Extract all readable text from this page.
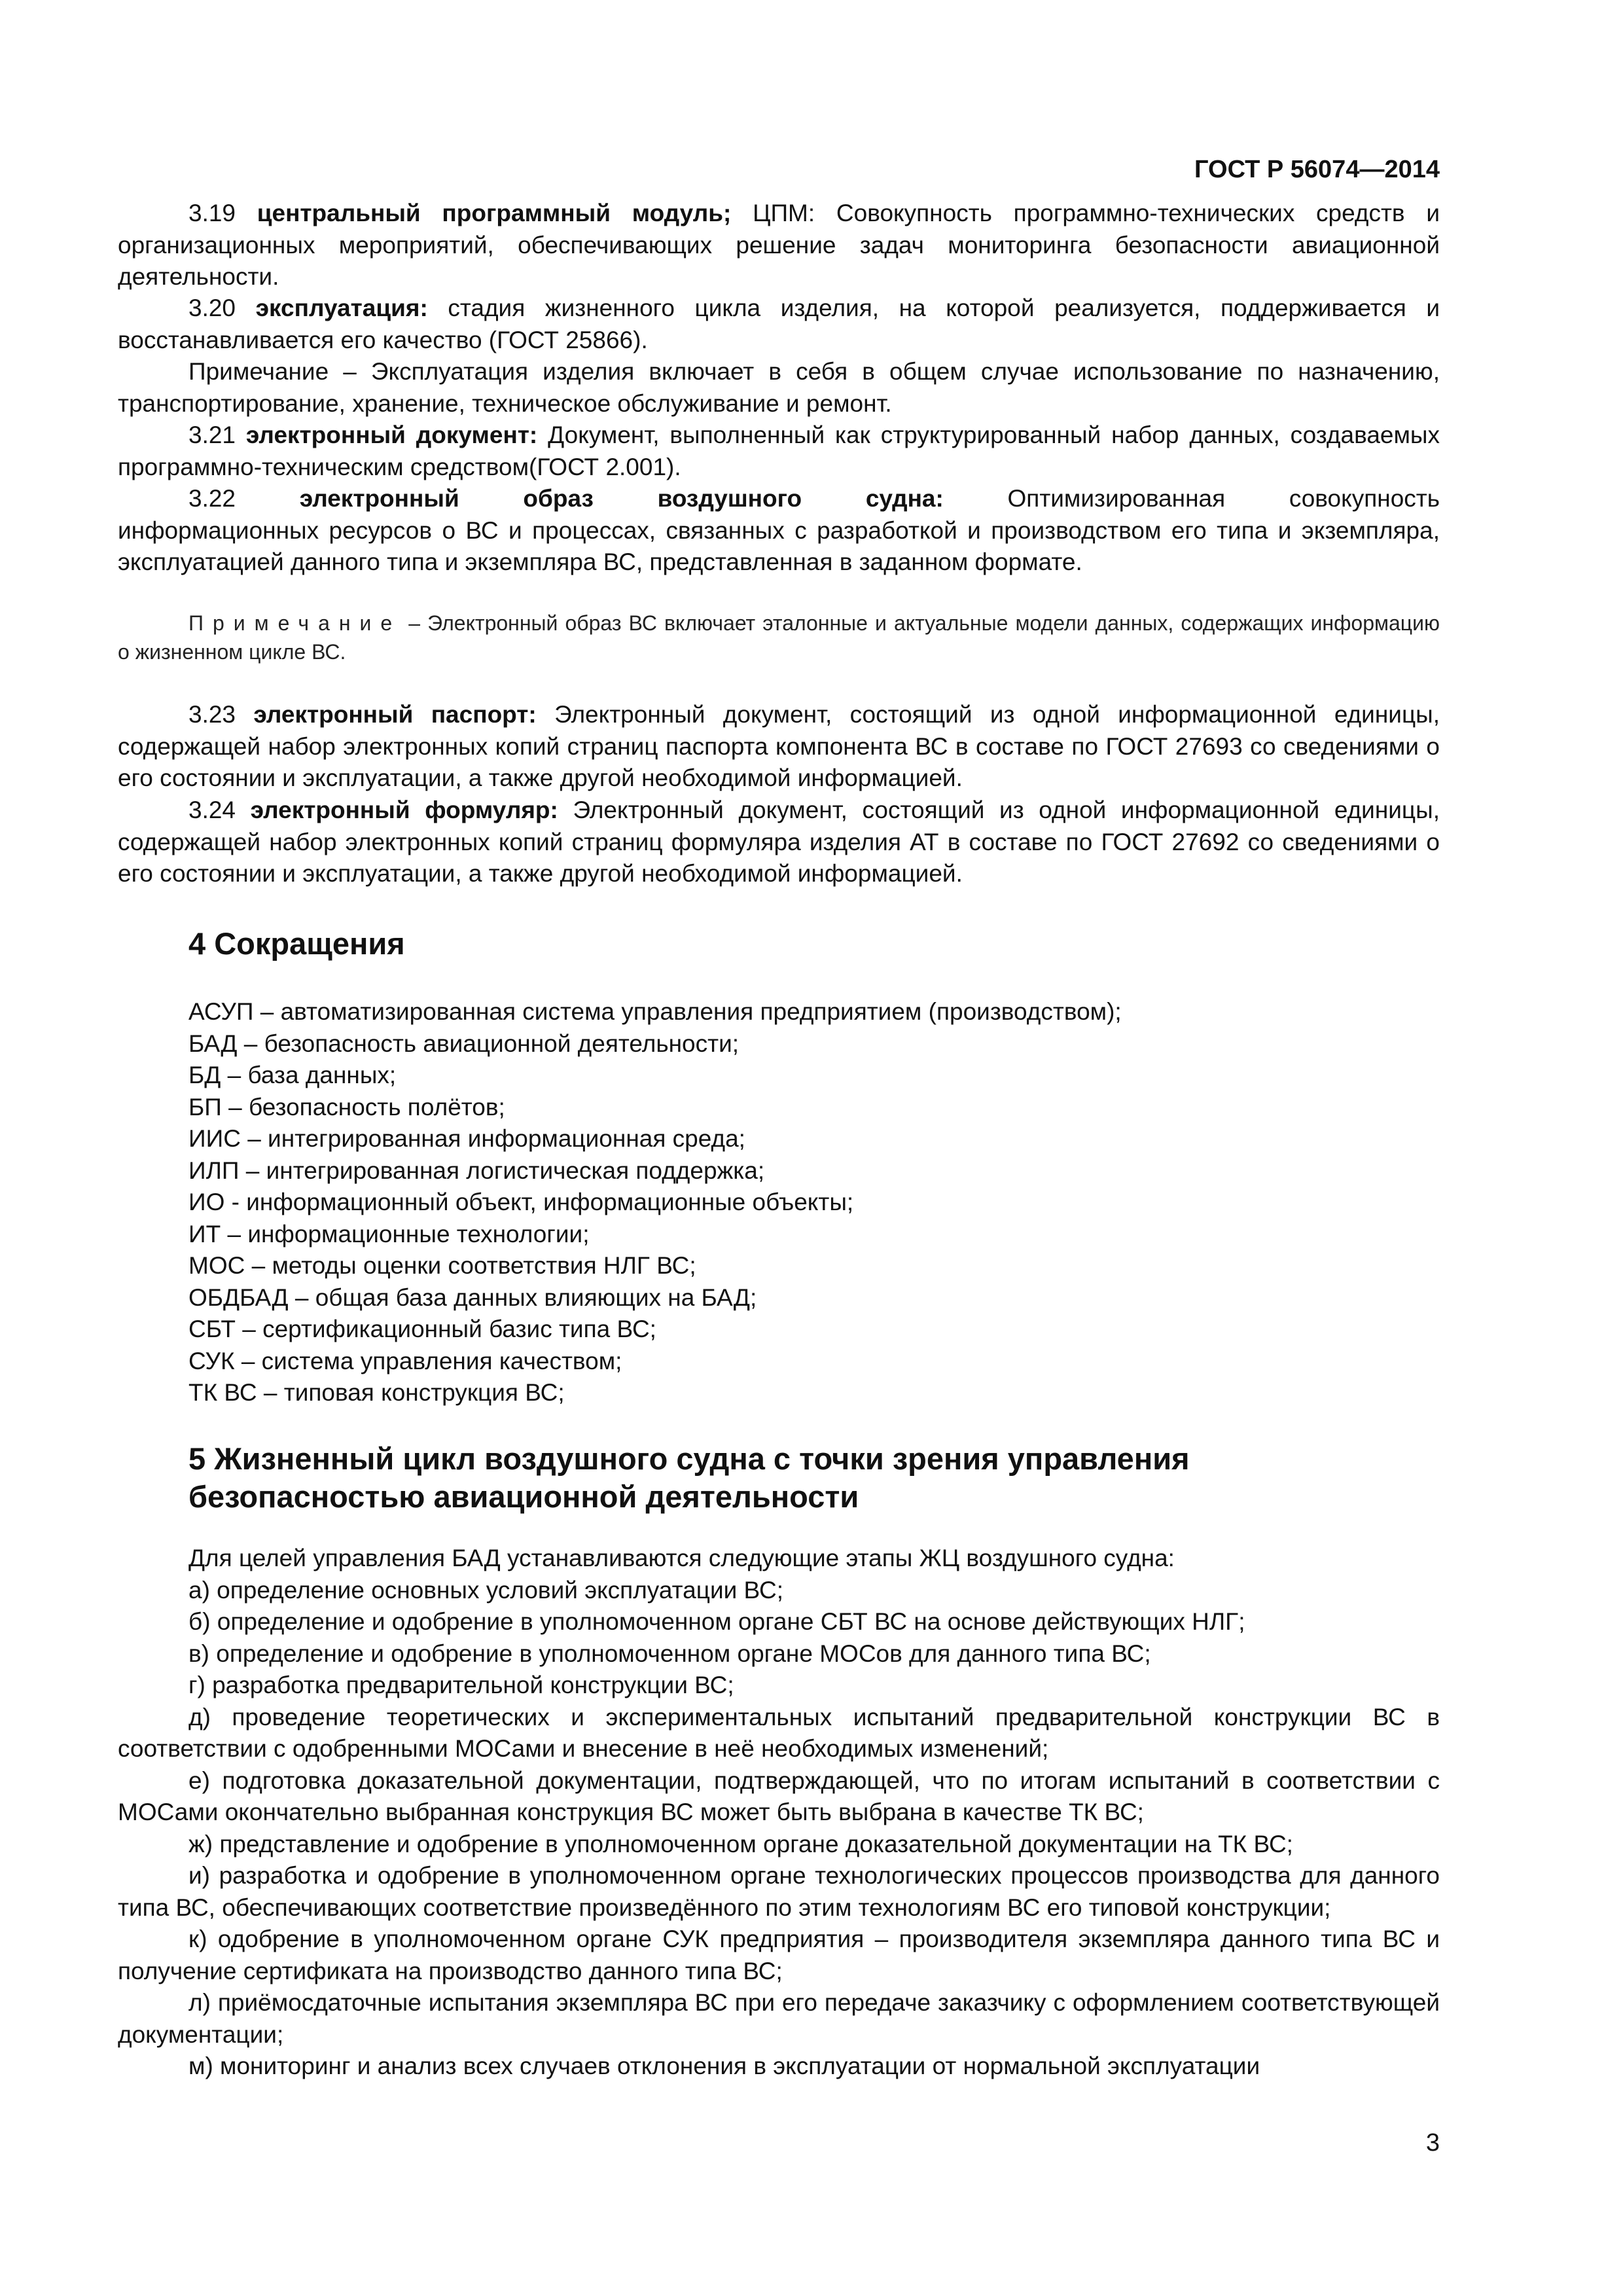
ГОСТ Р 56074—2014

3.19 центральный программный модуль; ЦПМ: Совокупность программно-технических средств и организационных мероприятий, обеспечивающих решение задач мониторинга безопасности авиационной деятельности.

3.20 эксплуатация: стадия жизненного цикла изделия, на которой реализуется, поддерживается и восстанавливается его качество (ГОСТ 25866).

Примечание – Эксплуатация изделия включает в себя в общем случае использование по назначению, транспортирование, хранение, техническое обслуживание и ремонт.

3.21 электронный документ: Документ, выполненный как структурированный набор данных, создаваемых программно-техническим средством(ГОСТ 2.001).

3.22	электронный	образ	воздушного	судна:	Оптимизированная	совокупность

информационных ресурсов о ВС и процессах, связанных с разработкой и производством его типа и экземпляра, эксплуатацией данного типа и экземпляра ВС, представленная в заданном формате.

Примечание – Электронный образ ВС включает эталонные и актуальные модели данных, содержащих информацию о жизненном цикле ВС.

3.23 электронный паспорт: Электронный документ, состоящий из одной информационной единицы, содержащей набор электронных копий страниц паспорта компонента ВС в составе по ГОСТ 27693 со сведениями о его состоянии и эксплуатации, а также другой необходимой информацией.

3.24 электронный формуляр: Электронный документ, состоящий из одной информационной единицы, содержащей набор электронных копий страниц формуляра изделия АТ в составе по ГОСТ 27692 со сведениями о его состоянии и эксплуатации, а также другой необходимой информацией.

4 Сокращения
АСУП – автоматизированная система управления предприятием (производством);
БАД – безопасность авиационной деятельности;
БД – база данных;
БП – безопасность полётов;
ИИС – интегрированная информационная среда;
ИЛП – интегрированная логистическая поддержка;
ИО - информационный объект, информационные объекты;
ИТ – информационные технологии;
МОС – методы оценки соответствия НЛГ ВС;
ОБДБАД – общая база данных влияющих на БАД;
СБТ – сертификационный базис типа ВС;
СУК – система управления качеством;
ТК ВС – типовая конструкция ВС;
5 Жизненный цикл воздушного судна с точки зрения управления
безопасностью авиационной деятельности

Для целей управления БАД устанавливаются следующие этапы ЖЦ воздушного судна:

а) определение основных условий эксплуатации ВС;

б) определение и одобрение в уполномоченном органе СБТ ВС на основе действующих НЛГ;

в) определение и одобрение в уполномоченном органе МОСов для данного типа ВС;

г) разработка предварительной конструкции ВС;

д) проведение теоретических и экспериментальных испытаний предварительной конструкции ВС в соответствии с одобренными МОСами и внесение в неё необходимых изменений;

е) подготовка доказательной документации, подтверждающей, что по итогам испытаний в соответствии с МОСами окончательно выбранная конструкция ВС может быть выбрана в качестве ТК ВС;

ж) представление и одобрение в уполномоченном органе доказательной документации на ТК ВС;

и) разработка и одобрение в уполномоченном органе технологических процессов производства для данного типа ВС, обеспечивающих соответствие произведённого по этим технологиям ВС его типовой конструкции;

к) одобрение в уполномоченном органе СУК предприятия – производителя экземпляра данного типа ВС и получение сертификата на производство данного типа ВС;

л) приёмосдаточные испытания экземпляра ВС при его передаче заказчику с оформлением соответствующей документации;

м) мониторинг и анализ всех случаев отклонения в эксплуатации от нормальной эксплуатации

3
